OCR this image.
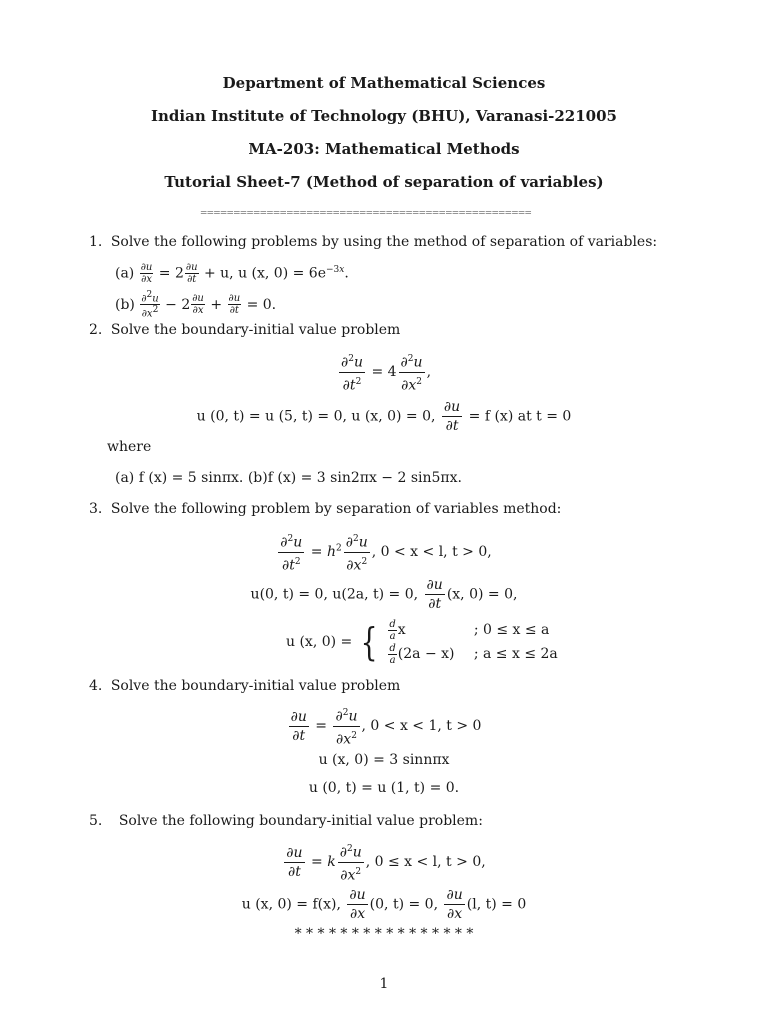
Department of Mathematical Sciences
Indian Institute of Technology (BHU), Varanasi-221005
MA-203: Mathematical Methods
Tutorial Sheet-7 (Method of separation of variables)
==================================================
1. Solve the following problems by using the method of separation of variables:
$(a) \frac{\partial u}{\partial x} = 2 \frac{\partial u}{\partial t} + u$, u (x, $0) = 6e^{-3x}$.
$(b) \frac{\partial^2u}{\partial x^2} - 2 \frac{\partial u}{\partial x} + \frac{\partial u}{\partial t} = 0$.
2. Solve the boundary-initial value problem
$\frac{\partial^2u}{\partial t^2} = 4 \frac{\partial^2u}{\partial x^2}$ ,
u (0, t) = u (5, t) = 0, u (x, 0) = 0, $\frac{\partial u}{\partial t} = f$ (x) at t = 0
where
(a) f (x) = 5 sinπx. (b)f (x) = 3 sin2πx − 2 sin5πx.
3. Solve the following problem by separation of variables method:
$\frac{\partial^2u}{\partial t^2} = h^2 \frac{\partial^2u}{\partial x^2}$ , 0 < x < l, t > 0,
u(0, t) = 0, u(2a, t) = 0, $\frac{\partial u}{\partial t} (x$, 0) = 0,
u (x, 0) = { $\frac{d}{a}$ x	; 0 ≤ x ≤ a
$\frac{d}{a} (2a - x)$ ; a ≤ x ≤ 2a
4. Solve the boundary-initial value problem
$\frac{\partial u}{\partial t} = \frac{\partial^2u}{\partial x^2}$ , 0 < x < 1, t > 0
u (x, 0) = 3 sinnπx
u (0, t) = u (1, t) = 0.
5. Solve the following boundary-initial value problem:
$\frac{\partial u}{\partial t} = k \frac{\partial^2u}{\partial x^2}$ , 0 ≤ x < l, t > 0,
u (x, 0) = f(x), $\frac{\partial u}{\partial x} (0$, t) = 0, $\frac{\partial u}{\partial x} (l$, t) = 0
* * * * * * * * * * * * * * * *
1
